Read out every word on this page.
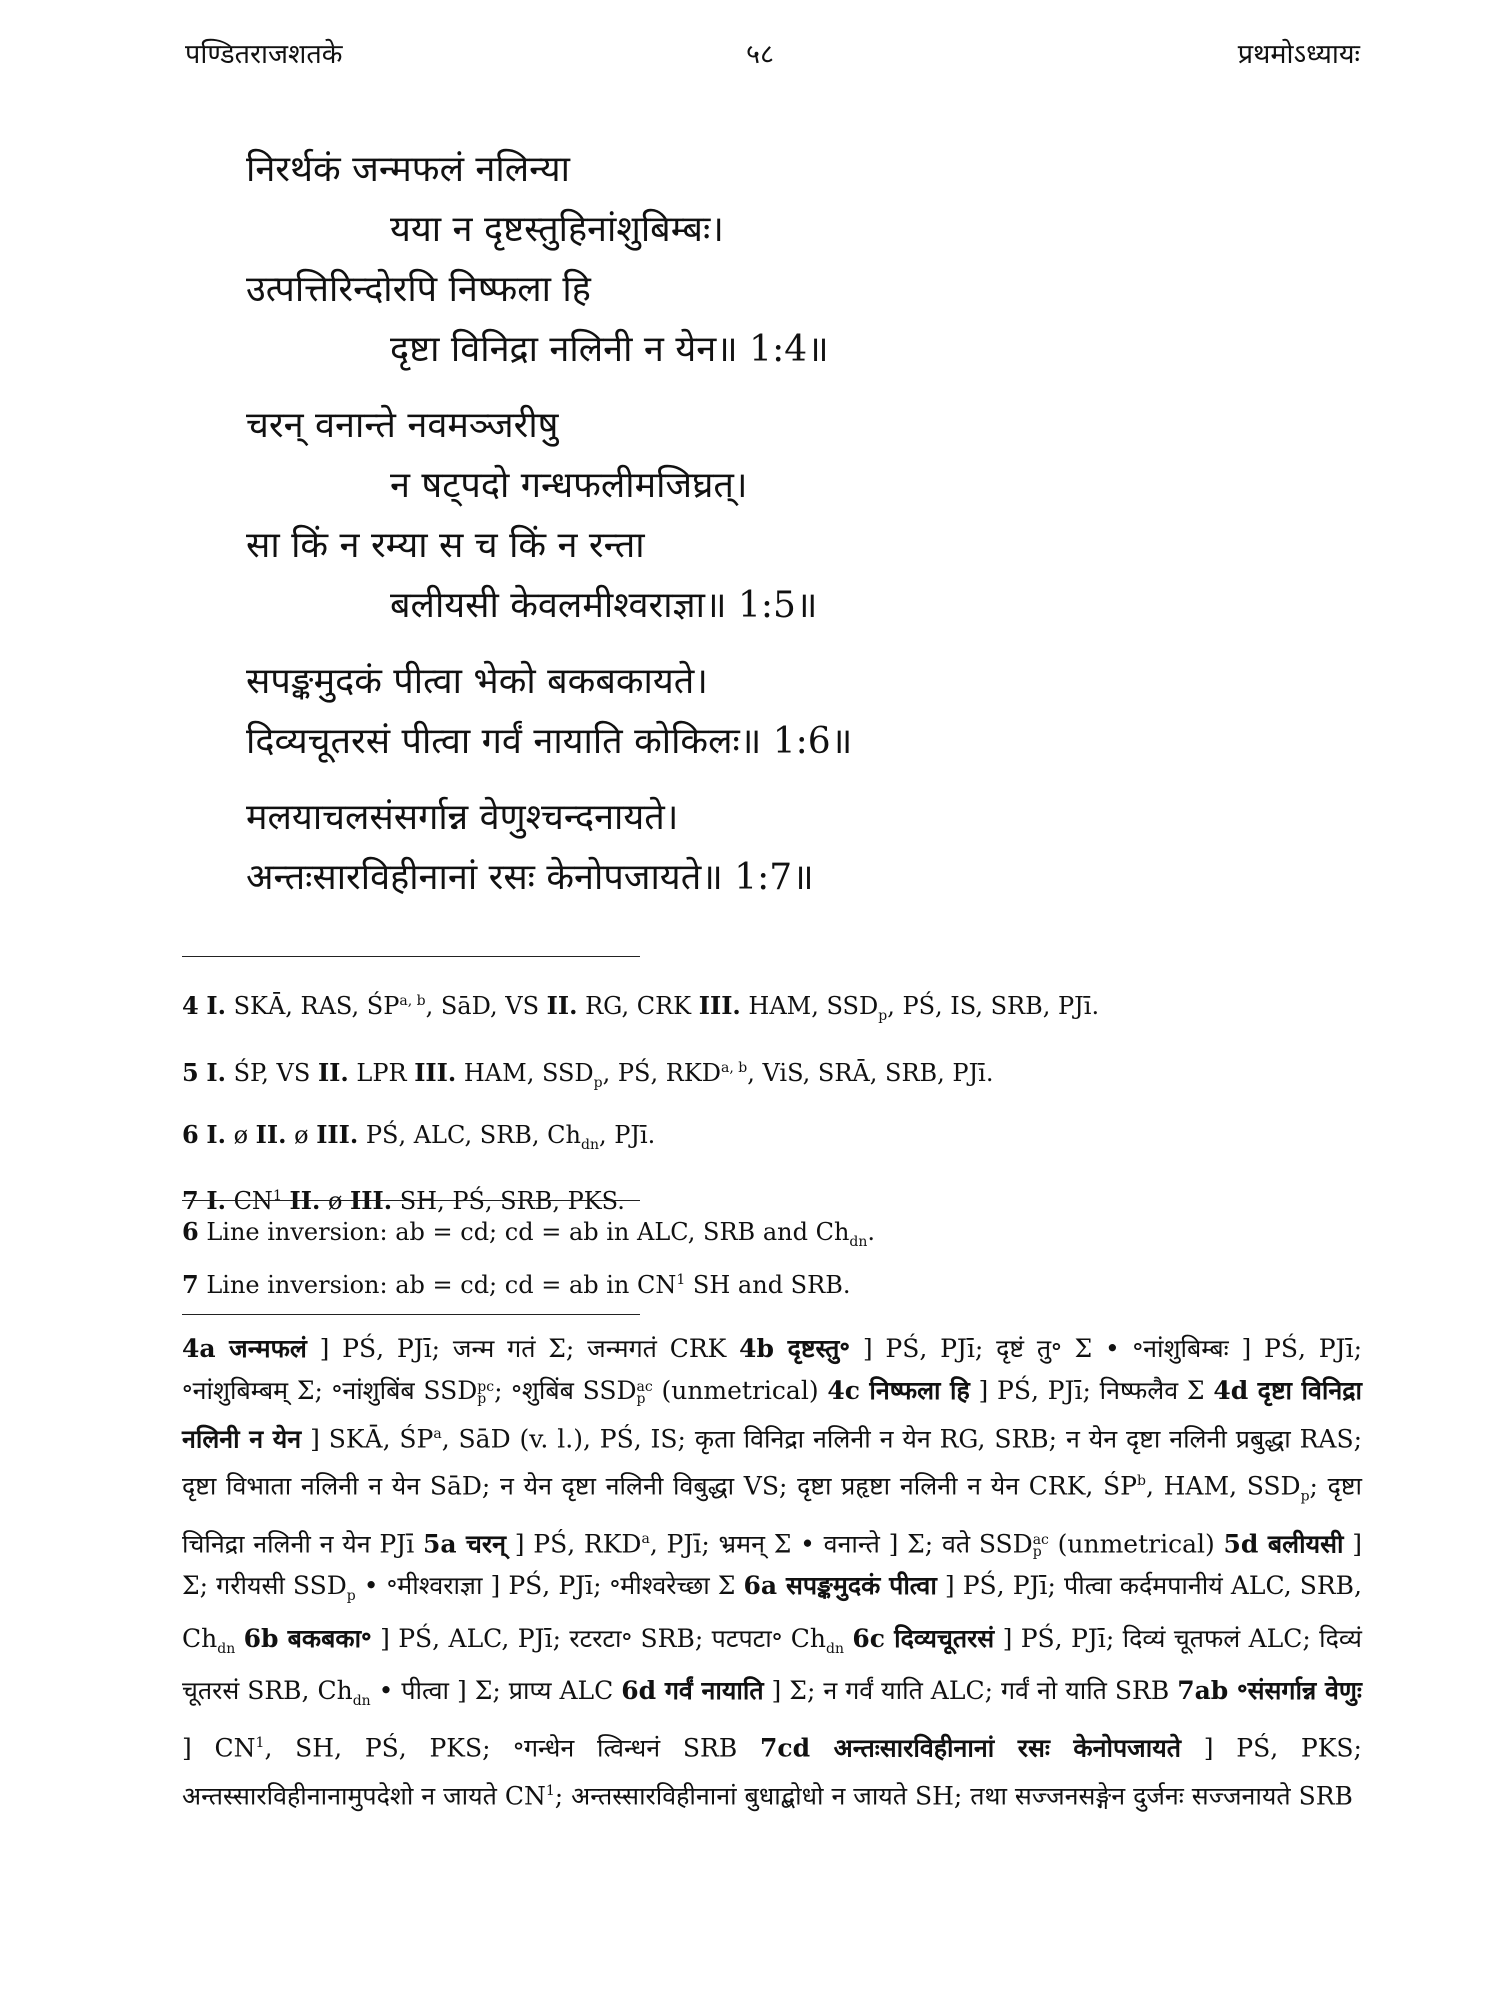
पण्डितराजशतके	५८	प्रथमोऽध्यायः
निरर्थकं जन्मफलं नलिन्या
यया न दृष्टस्तुहिनांशुबिम्बः।
उत्पत्तिरिन्दोरपि निष्फला हि
दृष्टा विनिद्रा नलिनी न येन॥ 1:4॥
चरन् वनान्ते नवमञ्जरीषु
न षट्पदो गन्धफलीमजिघ्रत्।
सा किं न रम्या स च किं न रन्ता
बलीयसी केवलमीश्वराज्ञा॥ 1:5॥
सपङ्कमुदकं पीत्वा भेको बकबकायते।
दिव्यचूतरसं पीत्वा गर्वं नायाति कोकिलः॥ 1:6॥
मलयाचलसंसर्गान्न वेणुश्चन्दनायते।
अन्तःसारविहीनानां रसः केनोपजायते॥ 1:7॥
4 I. SKĀ, RAS, ŚP$^{a, b}$, SāD, VS II. RG, CRK III. HAM, $SSD_p$, PŚ, IS, SRB, PJī.
5 I. ŚP, VS II. LPR III. HAM, $SSD_p$, PŚ, RKD$^{a, b}$, ViS, SRĀ, SRB, PJī.
6 I. ø II. ø III. PŚ, ALC, SRB, $Ch_{dn}$, PJī.
7 I. $CN^1$ II. ø III. SH, PŚ, SRB, PKS.
6 Line inversion: ab = cd; cd = ab in ALC, SRB and $Ch_{dn}$.
7 Line inversion: ab = cd; cd = ab in $CN^1$ SH and SRB.
4a जन्मफलं ] PŚ, PJī; जन्म गतं Σ; जन्मगतं CRK 4b दृष्टस्तु॰ ] PŚ, PJī; दृष्टं तु॰ Σ • ॰नांशुबिम्बः ] PŚ, PJī; ॰नांशुबिम्बम् Σ; ॰नांशुबिंब SSD pc
p ; ॰शुबिंब SSD ac
p (unmetrical) 4c निष्फला हि ] PŚ, PJī; निष्फलैव Σ 4d दृष्टा विनिद्रा नलिनी न येन ] SKĀ, $ŚP^a$, SāD (v. l.), PŚ, IS; कृता विनिद्रा नलिनी न येन RG, SRB; न येन दृष्टा नलिनी प्रबुद्धा RAS; दृष्टा विभाता नलिनी न येन SāD; न येन दृष्टा नलिनी विबुद्धा VS; दृष्टा प्रहृष्टा नलिनी न येन CRK, $ŚP^b$, HAM, $SSD_p$; दृष्टा चिनिद्रा नलिनी न येन PJī 5a चरन् ] PŚ, RKD$^a$, PJī; भ्रमन् Σ • वनान्ते ] Σ; वते SSD ac
p (unmetrical) 5d बलीयसी ] Σ; गरीयसी $SSD_p$ • ॰मीश्वराज्ञा ] PŚ, PJī; ॰मीश्वरेच्छा Σ 6a सपङ्कमुदकं पीत्वा ] PŚ, PJī; पीत्वा कर्दमपानीयं ALC, SRB, $Ch_{dn}$ 6b बकबका॰ ] PŚ, ALC, PJī; रटरटा॰ SRB; पटपटा॰ $Ch_{dn}$ 6c दिव्यचूतरसं ] PŚ, PJī; दिव्यं चूतफलं ALC; दिव्यं चूतरसं SRB, $Ch_{dn}$ • पीत्वा ] Σ; प्राप्य ALC 6d गर्वं नायाति ] Σ; न गर्वं याति ALC; गर्वं नो याति SRB 7ab ॰संसर्गान्न वेणुः ] $CN^1$, SH, PŚ, PKS; ॰गन्धेन त्विन्धनं SRB 7cd अन्तःसारविहीनानां रसः केनोपजायते ] PŚ, PKS; अन्तस्सारविहीनानामुपदेशो न जायते $CN^1$; अन्तस्सारविहीनानां बुधाद्बोधो न जायते SH; तथा सज्जनसङ्गेन दुर्जनः सज्जनायते SRB
